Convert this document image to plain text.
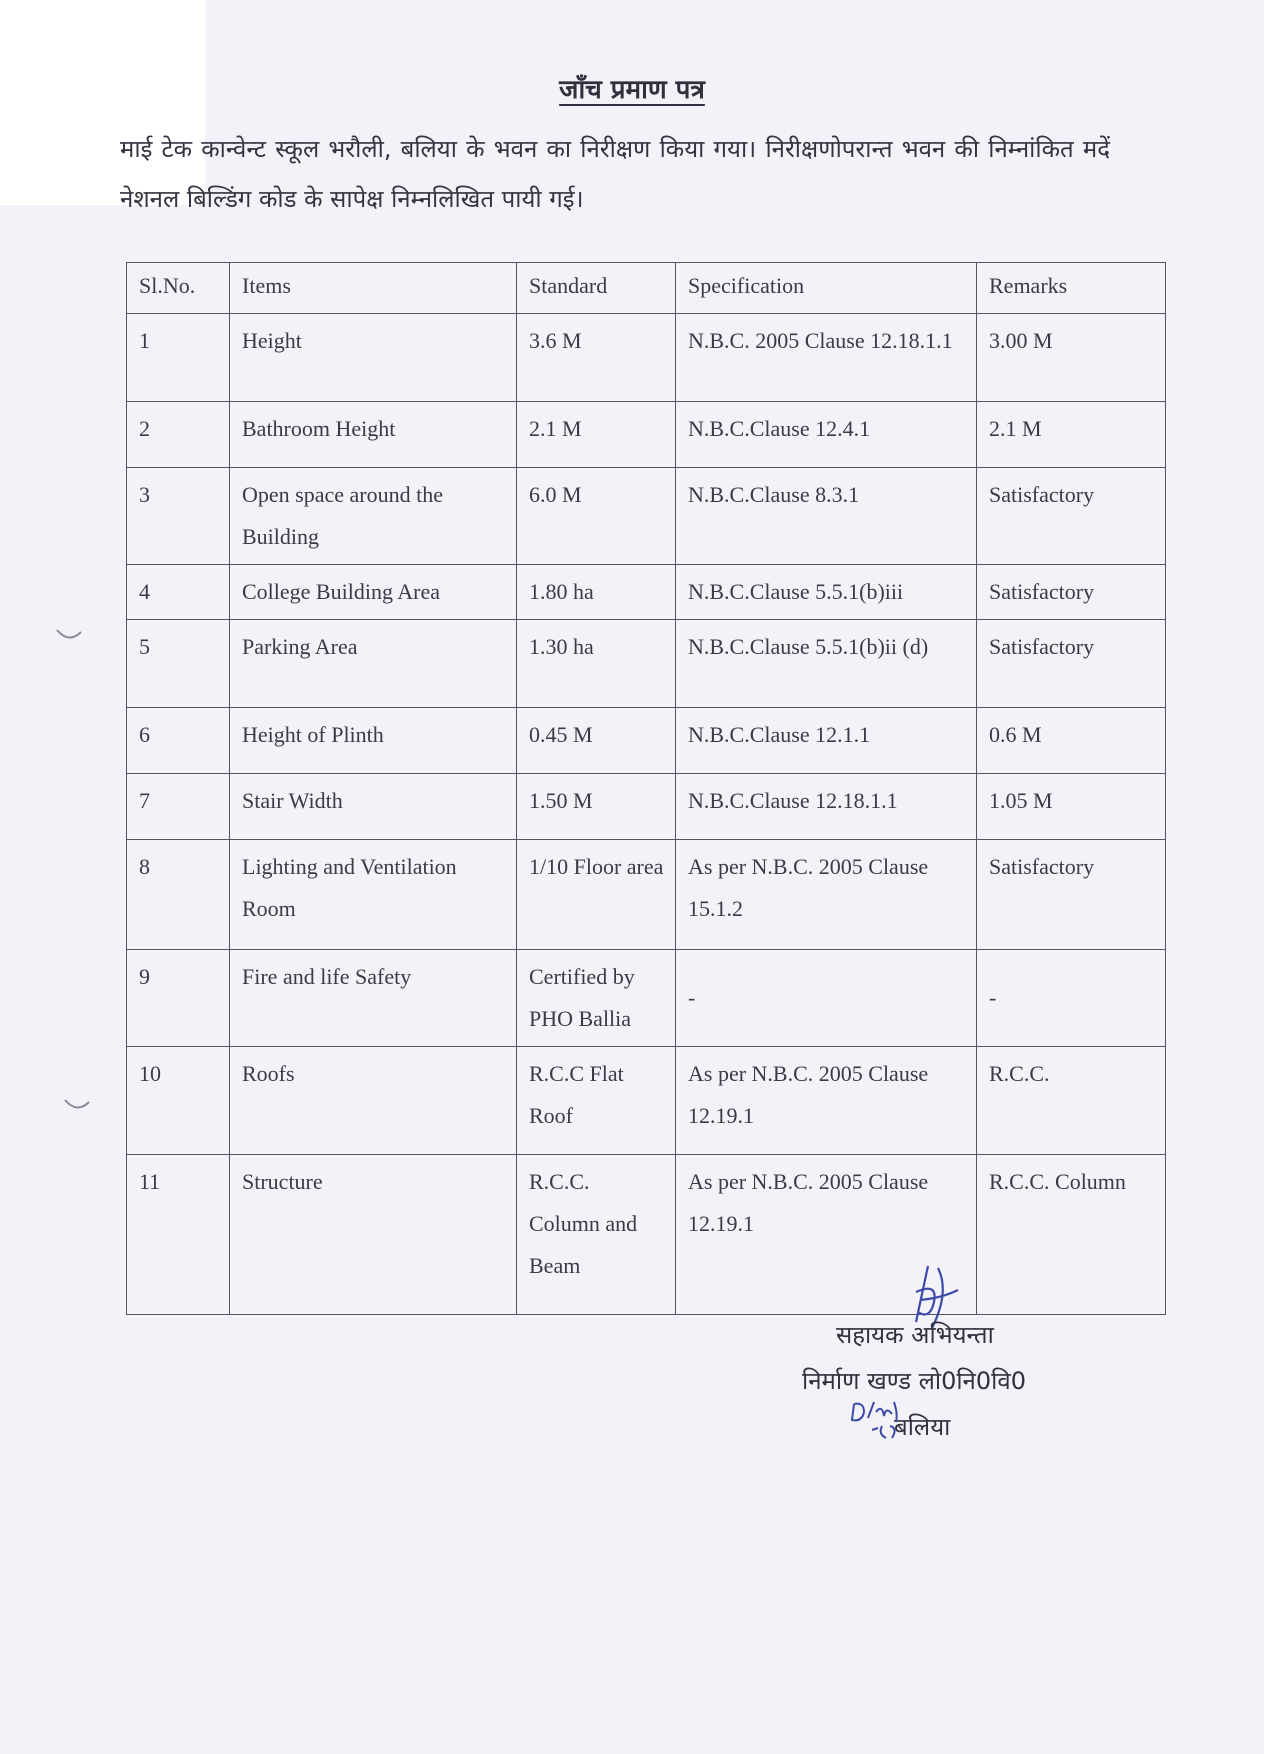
जाँच प्रमाण पत्र
माई टेक कान्वेन्ट स्कूल भरौली, बलिया के भवन का निरीक्षण किया गया। निरीक्षणोपरान्त भवन की निम्नांकित मदें नेशनल बिल्डिंग कोड के सापेक्ष निम्नलिखित पायी गई।
Sl.No.	Items	Standard	Specification	Remarks
1	Height	3.6 M	N.B.C. 2005 Clause 12.18.1.1	3.00 M
2	Bathroom Height	2.1 M	N.B.C.Clause 12.4.1	2.1 M
3	Open space around the Building	6.0 M	N.B.C.Clause 8.3.1	Satisfactory
4	College Building Area	1.80 ha	N.B.C.Clause 5.5.1(b)iii	Satisfactory
5	Parking Area	1.30 ha	N.B.C.Clause 5.5.1(b)ii (d)	Satisfactory
6	Height of Plinth	0.45 M	N.B.C.Clause 12.1.1	0.6 M
7	Stair Width	1.50 M	N.B.C.Clause 12.18.1.1	1.05 M
8	Lighting and Ventilation Room	1/10 Floor area	As per N.B.C. 2005 Clause 15.1.2	Satisfactory
9	Fire and life Safety	Certified by PHO Ballia	-	-
10	Roofs	R.C.C Flat Roof	As per N.B.C. 2005 Clause 12.19.1	R.C.C.
11	Structure	R.C.C. Column and Beam	As per N.B.C. 2005 Clause 12.19.1	R.C.C. Column
सहायक अभियन्ता
निर्माण खण्ड लो0नि0वि0
बलिया
